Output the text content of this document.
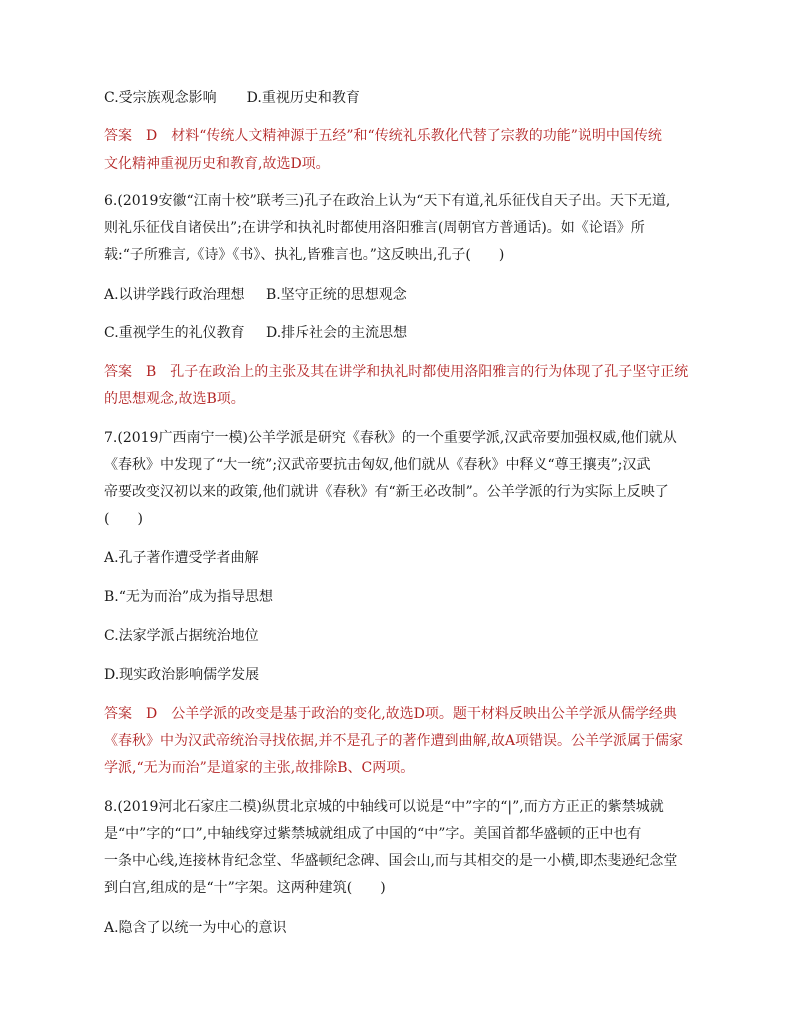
C.受宗族观念影响 D.重视历史和教育
答案　D　材料“传统人文精神源于五经”和“传统礼乐教化代替了宗教的功能”说明中国传统
文化精神重视历史和教育,故选D项。
6.(2019安徽“江南十校”联考三)孔子在政治上认为“天下有道,礼乐征伐自天子出。天下无道,
则礼乐征伐自诸侯出”;在讲学和执礼时都使用洛阳雅言(周朝官方普通话)。如《论语》所
载:“子所雅言,《诗》《书》、执礼,皆雅言也。”这反映出,孔子(　　)
A.以讲学践行政治理想 B.坚守正统的思想观念
C.重视学生的礼仪教育 D.排斥社会的主流思想
答案　B　孔子在政治上的主张及其在讲学和执礼时都使用洛阳雅言的行为体现了孔子坚守正统
的思想观念,故选B项。
7.(2019广西南宁一模)公羊学派是研究《春秋》的一个重要学派,汉武帝要加强权威,他们就从
《春秋》中发现了“大一统”;汉武帝要抗击匈奴,他们就从《春秋》中释义“尊王攘夷”;汉武
帝要改变汉初以来的政策,他们就讲《春秋》有“新王必改制”。公羊学派的行为实际上反映了
(　　)
A.孔子著作遭受学者曲解
B.“无为而治”成为指导思想
C.法家学派占据统治地位
D.现实政治影响儒学发展
答案　D　公羊学派的改变是基于政治的变化,故选D项。题干材料反映出公羊学派从儒学经典
《春秋》中为汉武帝统治寻找依据,并不是孔子的著作遭到曲解,故A项错误。公羊学派属于儒家
学派,“无为而治”是道家的主张,故排除B、C两项。
8.(2019河北石家庄二模)纵贯北京城的中轴线可以说是“中”字的“|”,而方方正正的紫禁城就
是“中”字的“口”,中轴线穿过紫禁城就组成了中国的“中”字。美国首都华盛顿的正中也有
一条中心线,连接林肯纪念堂、华盛顿纪念碑、国会山,而与其相交的是一小横,即杰斐逊纪念堂
到白宫,组成的是“十”字架。这两种建筑(　　)
A.隐含了以统一为中心的意识
